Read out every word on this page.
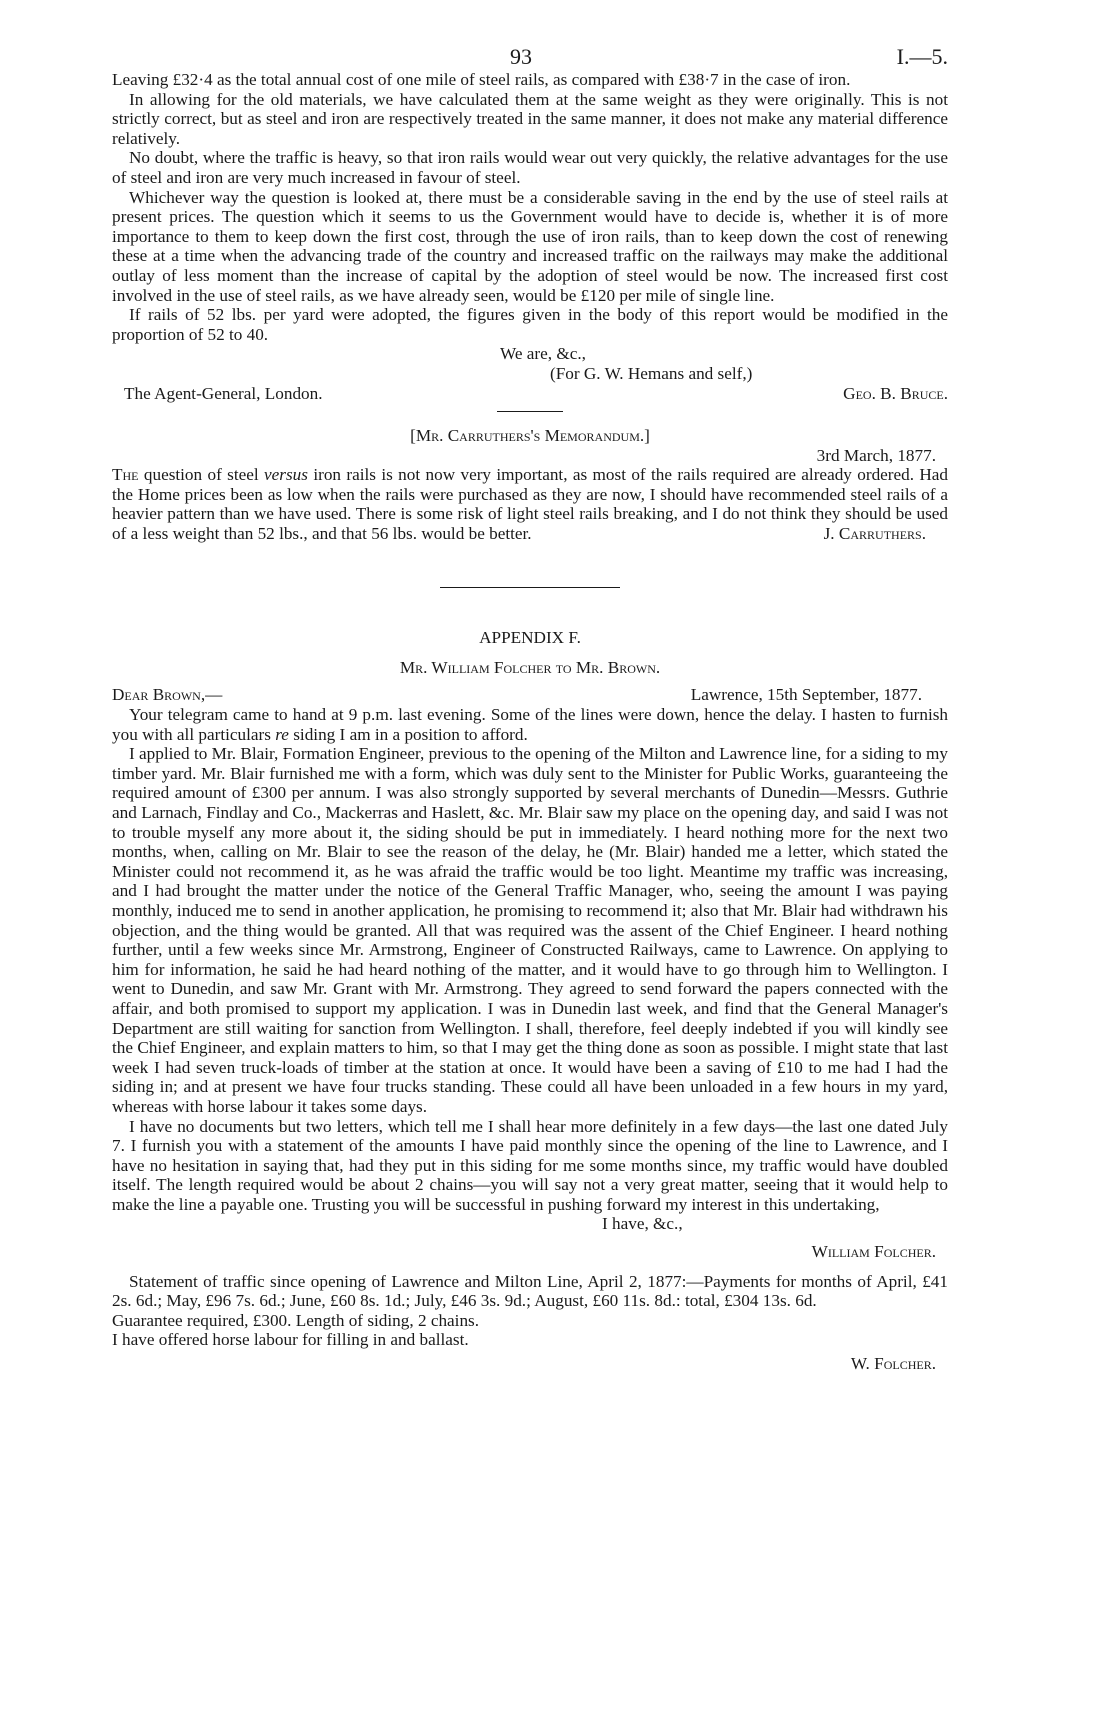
93	I.—5.

Leaving £32·4 as the total annual cost of one mile of steel rails, as compared with £38·7 in the case of iron.

In allowing for the old materials, we have calculated them at the same weight as they were originally. This is not strictly correct, but as steel and iron are respectively treated in the same manner, it does not make any material difference relatively.

No doubt, where the traffic is heavy, so that iron rails would wear out very quickly, the relative advantages for the use of steel and iron are very much increased in favour of steel.

Whichever way the question is looked at, there must be a considerable saving in the end by the use of steel rails at present prices. The question which it seems to us the Government would have to decide is, whether it is of more importance to them to keep down the first cost, through the use of iron rails, than to keep down the cost of renewing these at a time when the advancing trade of the country and increased traffic on the railways may make the additional outlay of less moment than the increase of capital by the adoption of steel would be now. The increased first cost involved in the use of steel rails, as we have already seen, would be £120 per mile of single line.

If rails of 52 lbs. per yard were adopted, the figures given in the body of this report would be modified in the proportion of 52 to 40.

We are, &c.,
(For G. W. Hemans and self,)
The Agent-General, London.	Geo. B. Bruce.
[Mr. Carruthers's Memorandum.]
3rd March, 1877.

The question of steel versus iron rails is not now very important, as most of the rails required are already ordered. Had the Home prices been as low when the rails were purchased as they are now, I should have recommended steel rails of a heavier pattern than we have used. There is some risk of light steel rails breaking, and I do not think they should be used of a less weight than 52 lbs., and that 56 lbs. would be better.	J. Carruthers.
APPENDIX F.
Mr. William Folcher to Mr. Brown.
Dear Brown,—	Lawrence, 15th September, 1877.

Your telegram came to hand at 9 p.m. last evening. Some of the lines were down, hence the delay. I hasten to furnish you with all particulars re siding I am in a position to afford.

I applied to Mr. Blair, Formation Engineer, previous to the opening of the Milton and Lawrence line, for a siding to my timber yard. Mr. Blair furnished me with a form, which was duly sent to the Minister for Public Works, guaranteeing the required amount of £300 per annum. I was also strongly supported by several merchants of Dunedin—Messrs. Guthrie and Larnach, Findlay and Co., Mackerras and Haslett, &c. Mr. Blair saw my place on the opening day, and said I was not to trouble myself any more about it, the siding should be put in immediately. I heard nothing more for the next two months, when, calling on Mr. Blair to see the reason of the delay, he (Mr. Blair) handed me a letter, which stated the Minister could not recommend it, as he was afraid the traffic would be too light. Meantime my traffic was increasing, and I had brought the matter under the notice of the General Traffic Manager, who, seeing the amount I was paying monthly, induced me to send in another application, he promising to recommend it; also that Mr. Blair had withdrawn his objection, and the thing would be granted. All that was required was the assent of the Chief Engineer. I heard nothing further, until a few weeks since Mr. Armstrong, Engineer of Constructed Railways, came to Lawrence. On applying to him for information, he said he had heard nothing of the matter, and it would have to go through him to Wellington. I went to Dunedin, and saw Mr. Grant with Mr. Armstrong. They agreed to send forward the papers connected with the affair, and both promised to support my application. I was in Dunedin last week, and find that the General Manager's Department are still waiting for sanction from Wellington. I shall, therefore, feel deeply indebted if you will kindly see the Chief Engineer, and explain matters to him, so that I may get the thing done as soon as possible. I might state that last week I had seven truck-loads of timber at the station at once. It would have been a saving of £10 to me had I had the siding in; and at present we have four trucks standing. These could all have been unloaded in a few hours in my yard, whereas with horse labour it takes some days.

I have no documents but two letters, which tell me I shall hear more definitely in a few days—the last one dated July 7. I furnish you with a statement of the amounts I have paid monthly since the opening of the line to Lawrence, and I have no hesitation in saying that, had they put in this siding for me some months since, my traffic would have doubled itself. The length required would be about 2 chains—you will say not a very great matter, seeing that it would help to make the line a payable one. Trusting you will be successful in pushing forward my interest in this undertaking,

I have, &c.,
William Folcher.

Statement of traffic since opening of Lawrence and Milton Line, April 2, 1877:—Payments for months of April, £41 2s. 6d.; May, £96 7s. 6d.; June, £60 8s. 1d.; July, £46 3s. 9d.; August, £60 11s. 8d.: total, £304 13s. 6d.

Guarantee required, £300. Length of siding, 2 chains.

I have offered horse labour for filling in and ballast.

W. Folcher.
